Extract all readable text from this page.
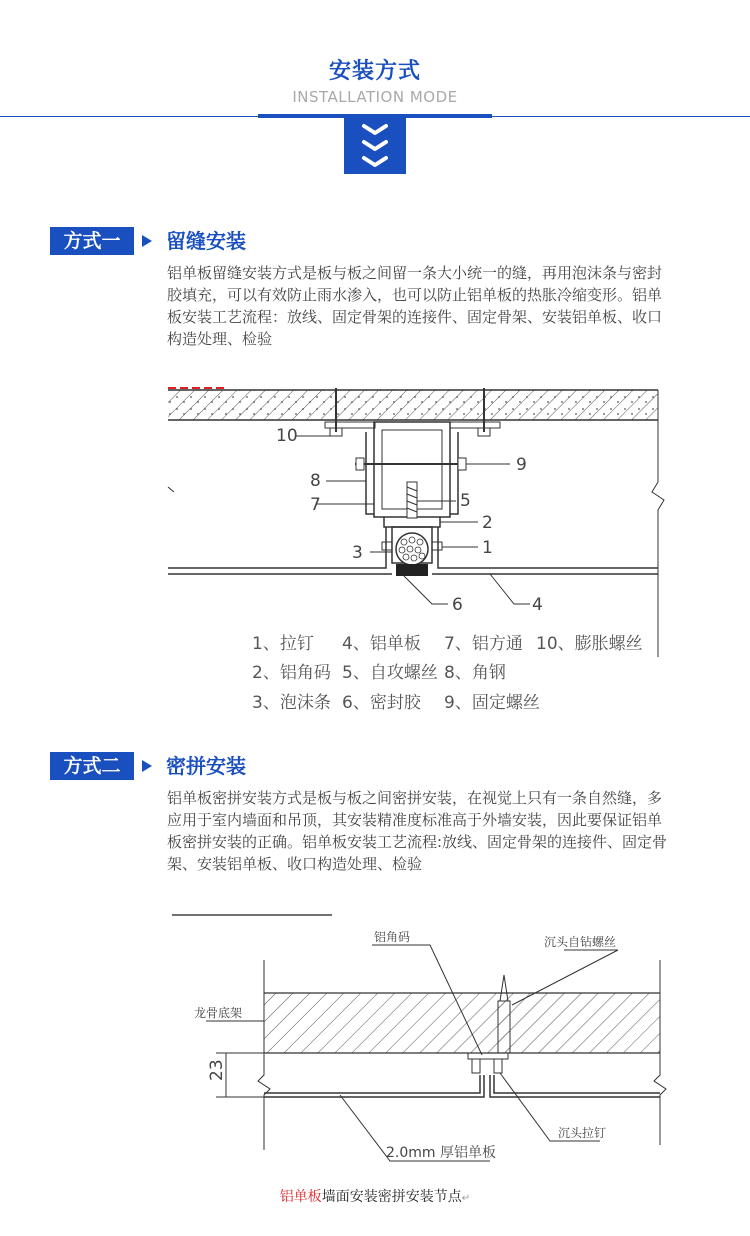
安装方式
INSTALLATION MODE
方式一	留缝安装
铝单板留缝安装方式是板与板之间留一条大小统一的缝，再用泡沫条与密封胶填充，可以有效防止雨水渗入，也可以防止铝单板的热胀冷缩变形。铝单板安装工艺流程：放线、固定骨架的连接件、固定骨架、安装铝单板、收口构造处理、检验
10
8
7
3
9
5
2
1
6	4
1、拉钉 4、铝单板 7、铝方通 10、膨胀螺丝
2、铝角码 5、自攻螺丝 8、角钢
3、泡沫条 6、密封胶 9、固定螺丝
方式二	密拼安装
铝单板密拼安装方式是板与板之间密拼安装，在视觉上只有一条自然缝，多应用于室内墙面和吊顶，其安装精准度标准高于外墙安装，因此要保证铝单板密拼安装的正确。铝单板安装工艺流程:放线、固定骨架的连接件、固定骨架、安装铝单板、收口构造处理、检验
铝角码	沉头自钻螺丝
龙骨底架
23
2.0mm 厚铝单板
沉头拉钉
铝单板墙面安装密拼安装节点↵
